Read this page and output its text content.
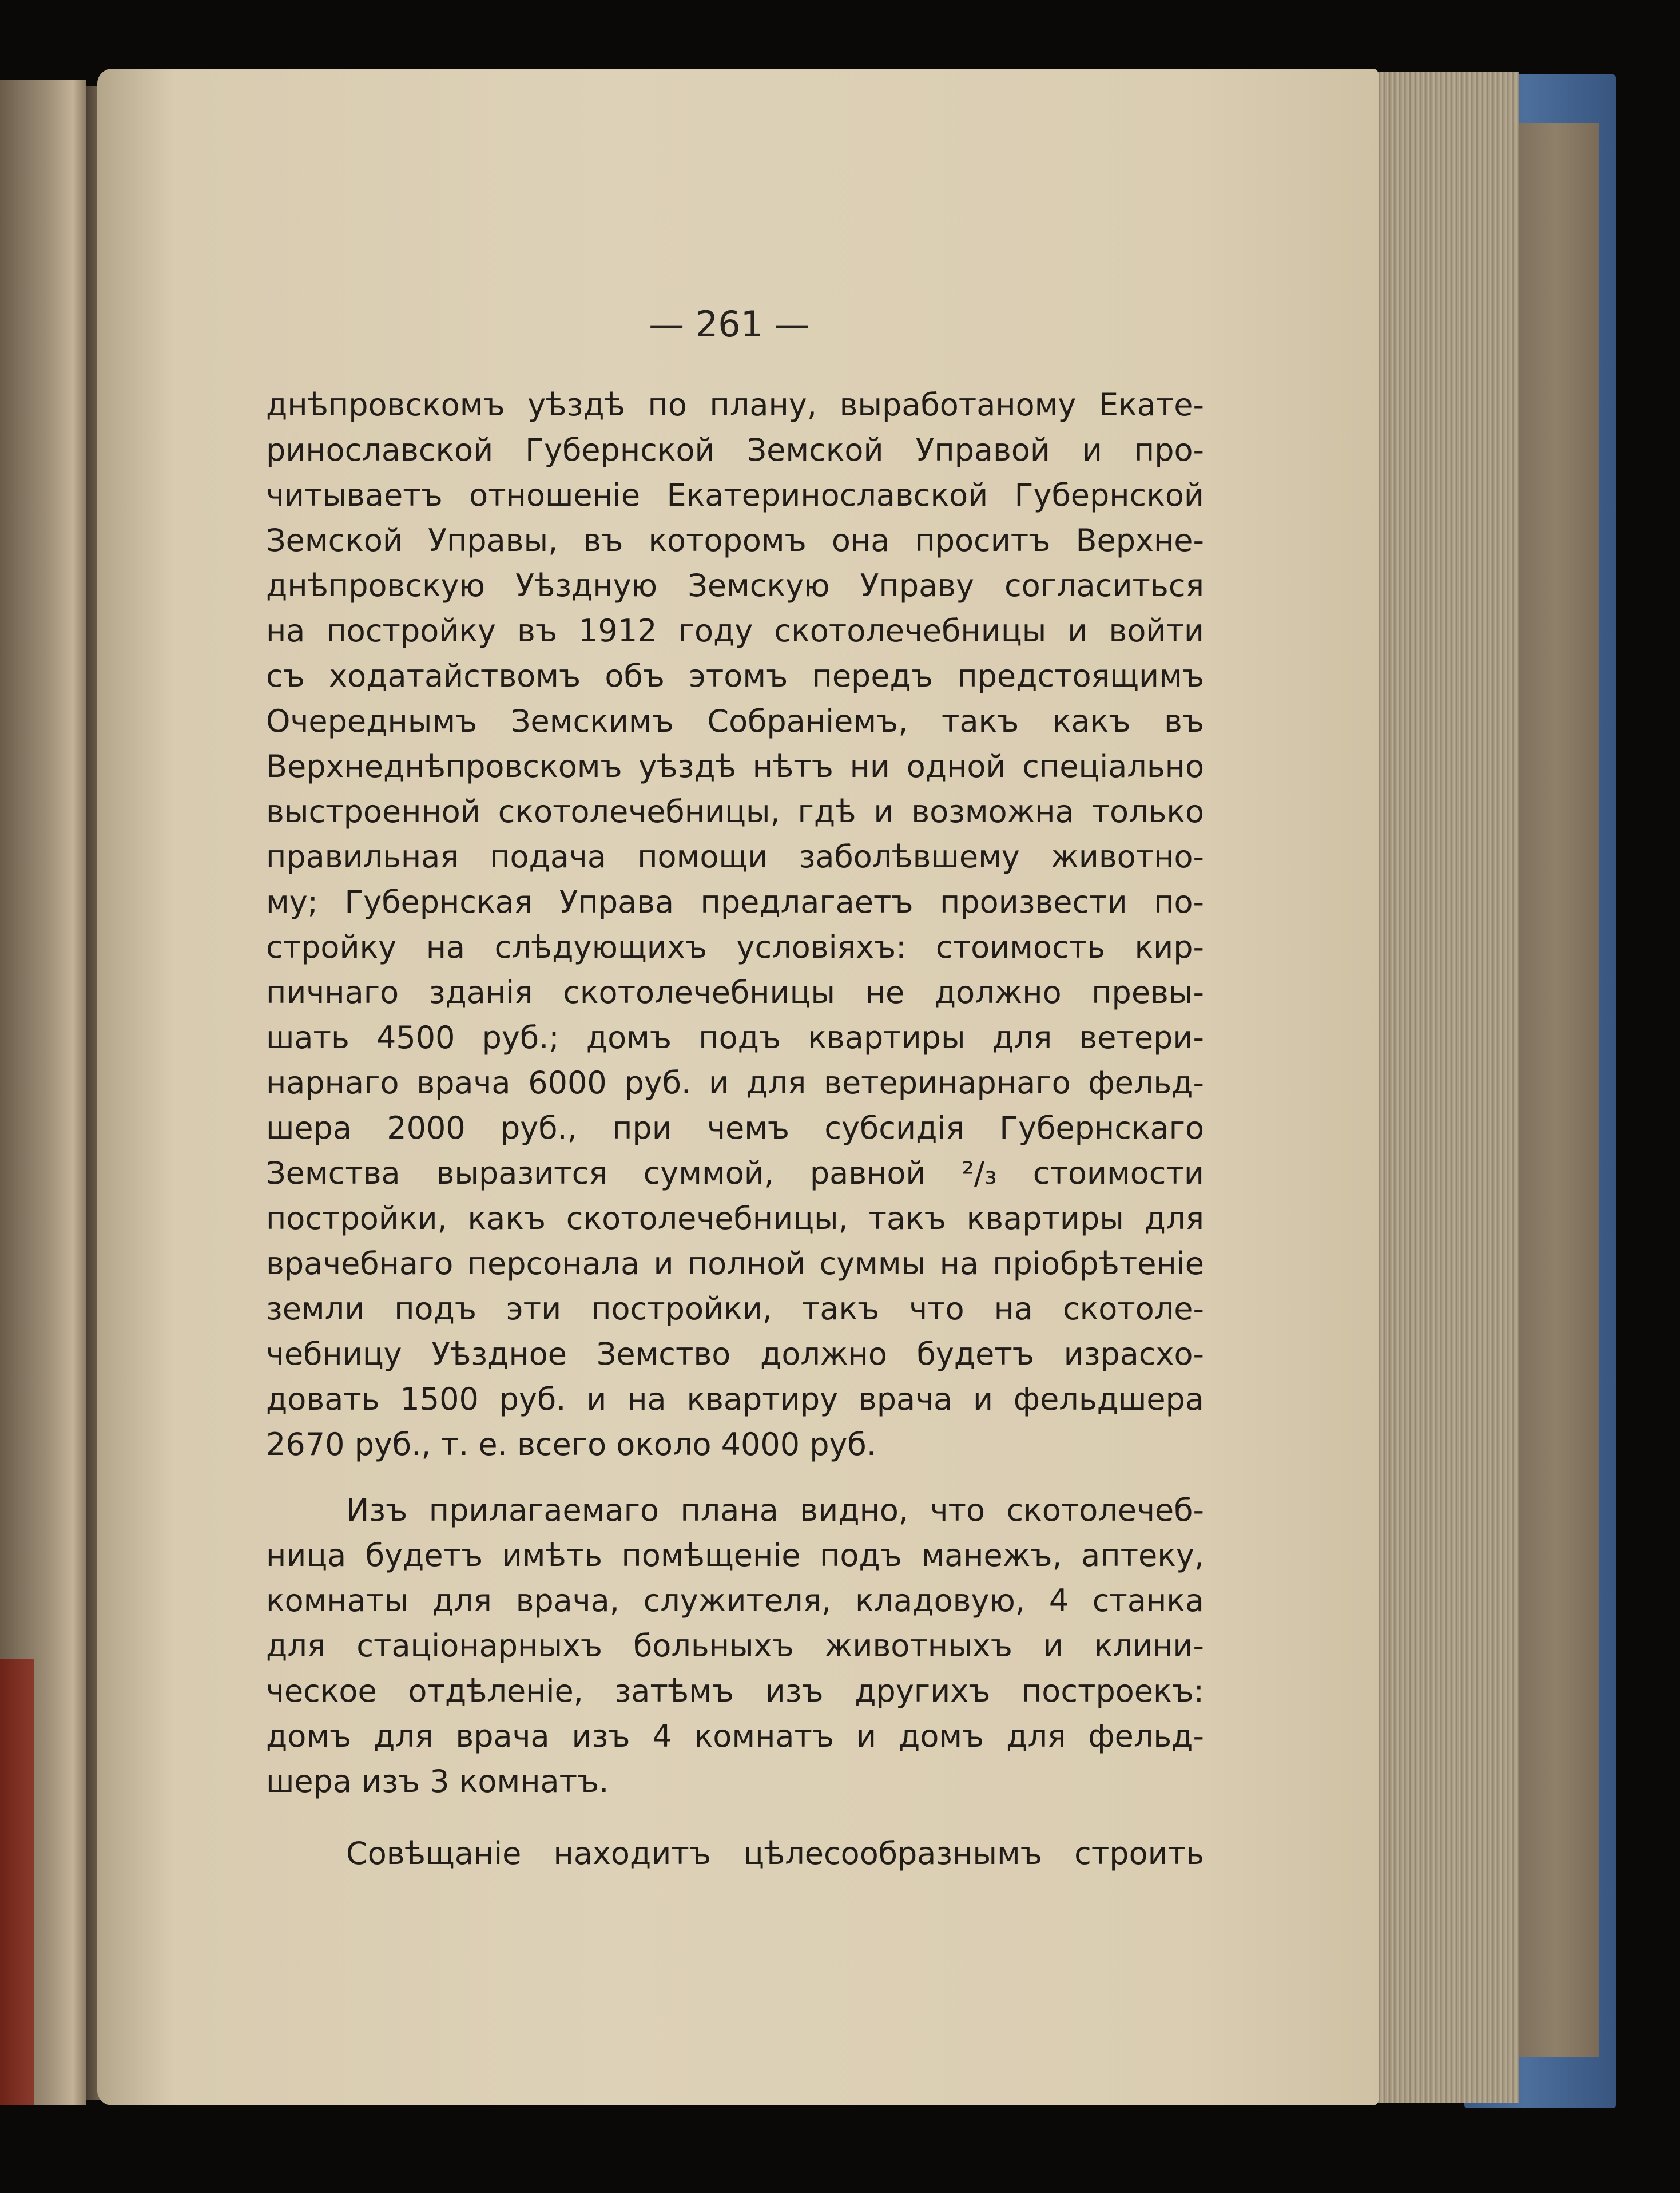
— 261 —
днѣпровскомъ уѣздѣ по плану, выработаному Екате-
ринославской Губернской Земской Управой и про-
читываетъ отношеніе Екатеринославской Губернской
Земской Управы, въ которомъ она проситъ Верхне-
днѣпровскую Уѣздную Земскую Управу согласиться
на постройку въ 1912 году скотолечебницы и войти
съ ходатайствомъ объ этомъ передъ предстоящимъ
Очереднымъ Земскимъ Собраніемъ, такъ какъ въ
Верхнеднѣпровскомъ уѣздѣ нѣтъ ни одной спеціально
выстроенной скотолечебницы, гдѣ и возможна только
правильная подача помощи заболѣвшему животно-
му; Губернская Управа предлагаетъ произвести по-
стройку на слѣдующихъ условіяхъ: стоимость кир-
пичнаго зданія скотолечебницы не должно превы-
шать 4500 руб.; домъ подъ квартиры для ветери-
нарнаго врача 6000 руб. и для ветеринарнаго фельд-
шера 2000 руб., при чемъ субсидія Губернскаго
Земства выразится суммой, равной ²/₃ стоимости
постройки, какъ скотолечебницы, такъ квартиры для
врачебнаго персонала и полной суммы на пріобрѣтеніе
земли подъ эти постройки, такъ что на скотоле-
чебницу Уѣздное Земство должно будетъ израсхо-
довать 1500 руб. и на квартиру врача и фельдшера
2670 руб., т. е. всего около 4000 руб.
Изъ прилагаемаго плана видно, что скотолечеб-
ница будетъ имѣть помѣщеніе подъ манежъ, аптеку,
комнаты для врача, служителя, кладовую, 4 станка
для стаціонарныхъ больныхъ животныхъ и клини-
ческое отдѣленіе, затѣмъ изъ другихъ построекъ:
домъ для врача изъ 4 комнатъ и домъ для фельд-
шера изъ 3 комнатъ.
Совѣщаніе находитъ цѣлесообразнымъ строить
